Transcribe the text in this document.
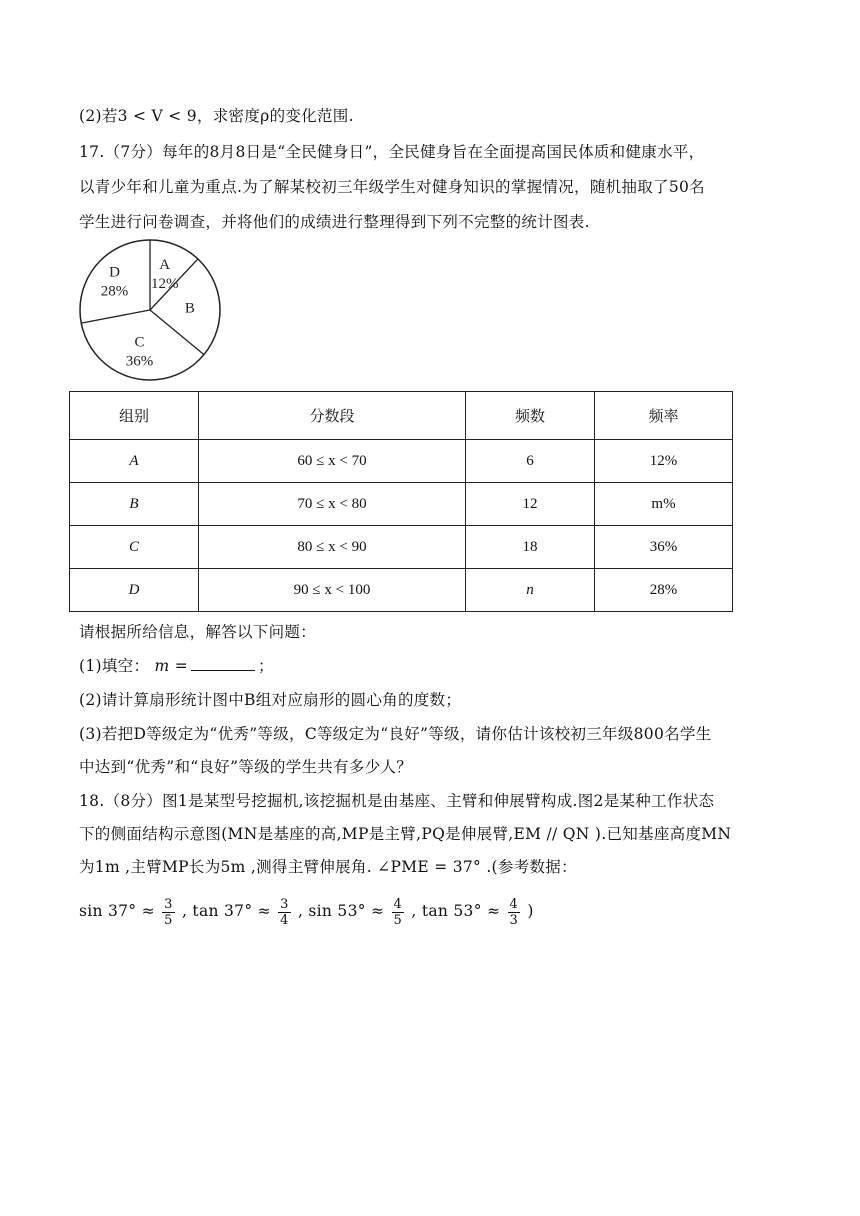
(2)若3 < V < 9，求密度ρ的变化范围.
17.（7分）每年的8月8日是“全民健身日”，全民健身旨在全面提高国民体质和健康水平，
以青少年和儿童为重点.为了解某校初三年级学生对健身知识的掌握情况，随机抽取了50名
学生进行问卷调查，并将他们的成绩进行整理得到下列不完整的统计图表.
A
12%
B
C
36%
D
28%
组别	分数段	频数	频率
A	60 ≤ x < 70	6	12%
B	70 ≤ x < 80	12	m%
C	80 ≤ x < 90	18	36%
D	90 ≤ x < 100	n	28%
请根据所给信息，解答以下问题：
(1)填空： m =	；
(2)请计算扇形统计图中B组对应扇形的圆心角的度数；
(3)若把D等级定为“优秀”等级，C等级定为“良好”等级，请你估计该校初三年级800名学生
中达到“优秀”和“良好”等级的学生共有多少人？
18.（8分）图1是某型号挖掘机,该挖掘机是由基座、主臂和伸展臂构成.图2是某种工作状态
下的侧面结构示意图(MN是基座的高,MP是主臂,PQ是伸展臂,EM // QN ).已知基座高度MN
为1m ,主臂MP长为5m ,测得主臂伸展角. ∠PME = 37° .(参考数据：
$\sin 37^\circ \approx \frac{3}{5}$ , $\tan 37^\circ \approx \frac{3}{4}$ , $\sin 53^\circ \approx \frac{4}{5}$ , $\tan 53^\circ \approx \frac{4}{3}$ )
